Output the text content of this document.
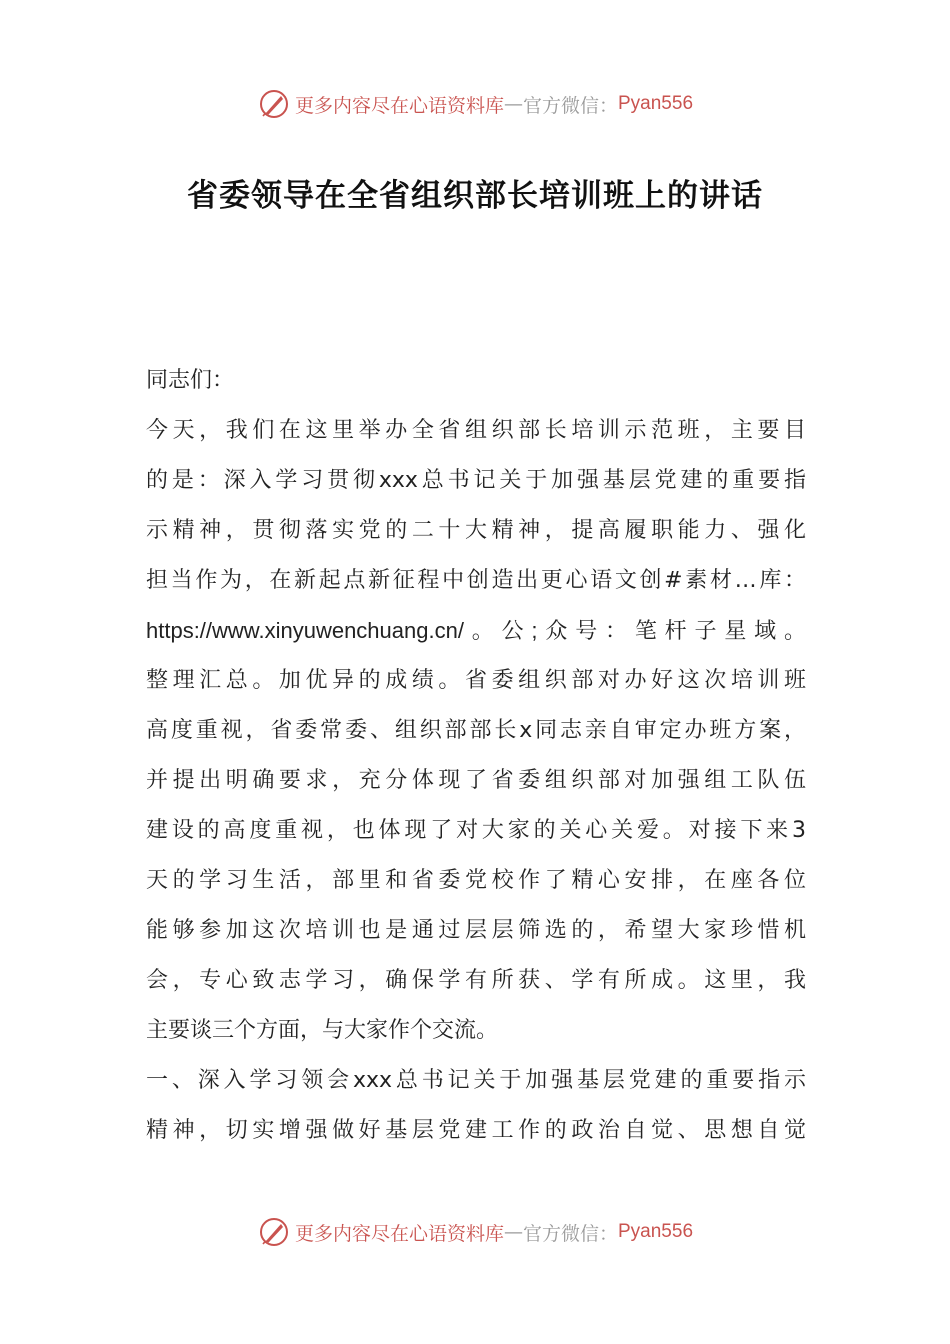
更多内容尽在心语资料库 — 官方微信： Pyan556
省委领导在全省组织部长培训班上的讲话
同志们：
今天，我们在这里举办全省组织部长培训示范班，主要目
的是：深入学习贯彻xxx总书记关于加强基层党建的重要指
示精神，贯彻落实党的二十大精神，提高履职能力、强化
担当作为，在新起点新征程中创造出更心语文创#素材…库：
https://www.xinyuwenchuang.cn/。公;众号：笔杆子星域。
整理汇总。加优异的成绩。省委组织部对办好这次培训班
高度重视，省委常委、组织部部长x同志亲自审定办班方案，
并提出明确要求，充分体现了省委组织部对加强组工队伍
建设的高度重视，也体现了对大家的关心关爱。对接下来3
天的学习生活，部里和省委党校作了精心安排，在座各位
能够参加这次培训也是通过层层筛选的，希望大家珍惜机
会，专心致志学习，确保学有所获、学有所成。这里，我
主要谈三个方面，与大家作个交流。
一、深入学习领会xxx总书记关于加强基层党建的重要指示
精神，切实增强做好基层党建工作的政治自觉、思想自觉
更多内容尽在心语资料库 — 官方微信： Pyan556
